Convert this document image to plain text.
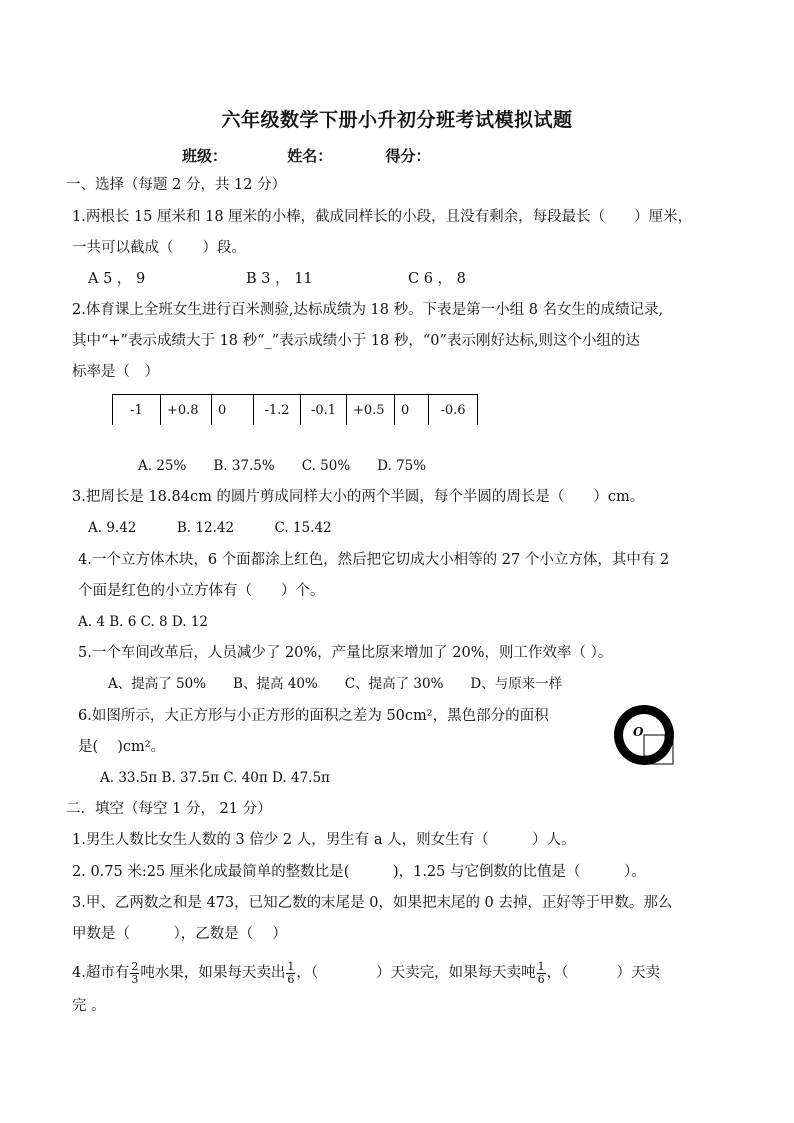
六年级数学下册小升初分班考试模拟试题
班级：	姓名：	得分：
一、选择（每题 2 分，共 12 分）
1.两根长 15 厘米和 18 厘米的小棒，截成同样长的小段，且没有剩余，每段最长（　　）厘米，
一共可以截成（　　）段。
A 5 ， 9	B 3 ， 11	C 6 ， 8
2.体育课上全班女生进行百米测验,达标成绩为 18 秒。下表是第一小组 8 名女生的成绩记录,
其中“+”表示成绩大于 18 秒“_”表示成绩小于 18 秒，“0”表示刚好达标,则这个小组的达
标率是（　）
-1	+0.8	0	-1.2	-0.1	+0.5	0	-0.6
A. 25%　　B. 37.5%　　C. 50%　　D. 75%
3.把周长是 18.84cm 的圆片剪成同样大小的两个半圆，每个半圆的周长是（　　）cm。
A. 9.42　　　B. 12.42　　　C. 15.42
4.一个立方体木块，6 个面都涂上红色，然后把它切成大小相等的 27 个小立方体，其中有 2
个面是红色的小立方体有（　　）个。
A. 4 B. 6 C. 8 D. 12
5.一个车间改革后，人员减少了 20%，产量比原来增加了 20%，则工作效率（ ）。
A、提高了 50%　　B、提高 40%　　C、提高了 30%　　D、与原来一样
6.如图所示，大正方形与小正方形的面积之差为 50cm²，黑色部分的面积
是(　 )cm²。
A. 33.5π B. 37.5π C. 40π D. 47.5π
O
二．填空（每空 1 分， 21 分）
1.男生人数比女生人数的 3 倍少 2 人，男生有 a 人，则女生有（　　　）人。
2. 0.75 米:25 厘米化成最简单的整数比是(　　　)，1.25 与它倒数的比值是（　　　）。
3.甲、乙两数之和是 473，已知乙数的末尾是 0，如果把末尾的 0 去掉，正好等于甲数。那么
甲数是（　　　），乙数是（　 ）
4.超市有 $\frac{2}{3}$ 吨水果，如果每天卖出 $\frac{1}{6}$ ，（　　　　）天卖完，如果每天卖吨 $\frac{1}{6}$ ，（　　　 ）天卖
完 。
